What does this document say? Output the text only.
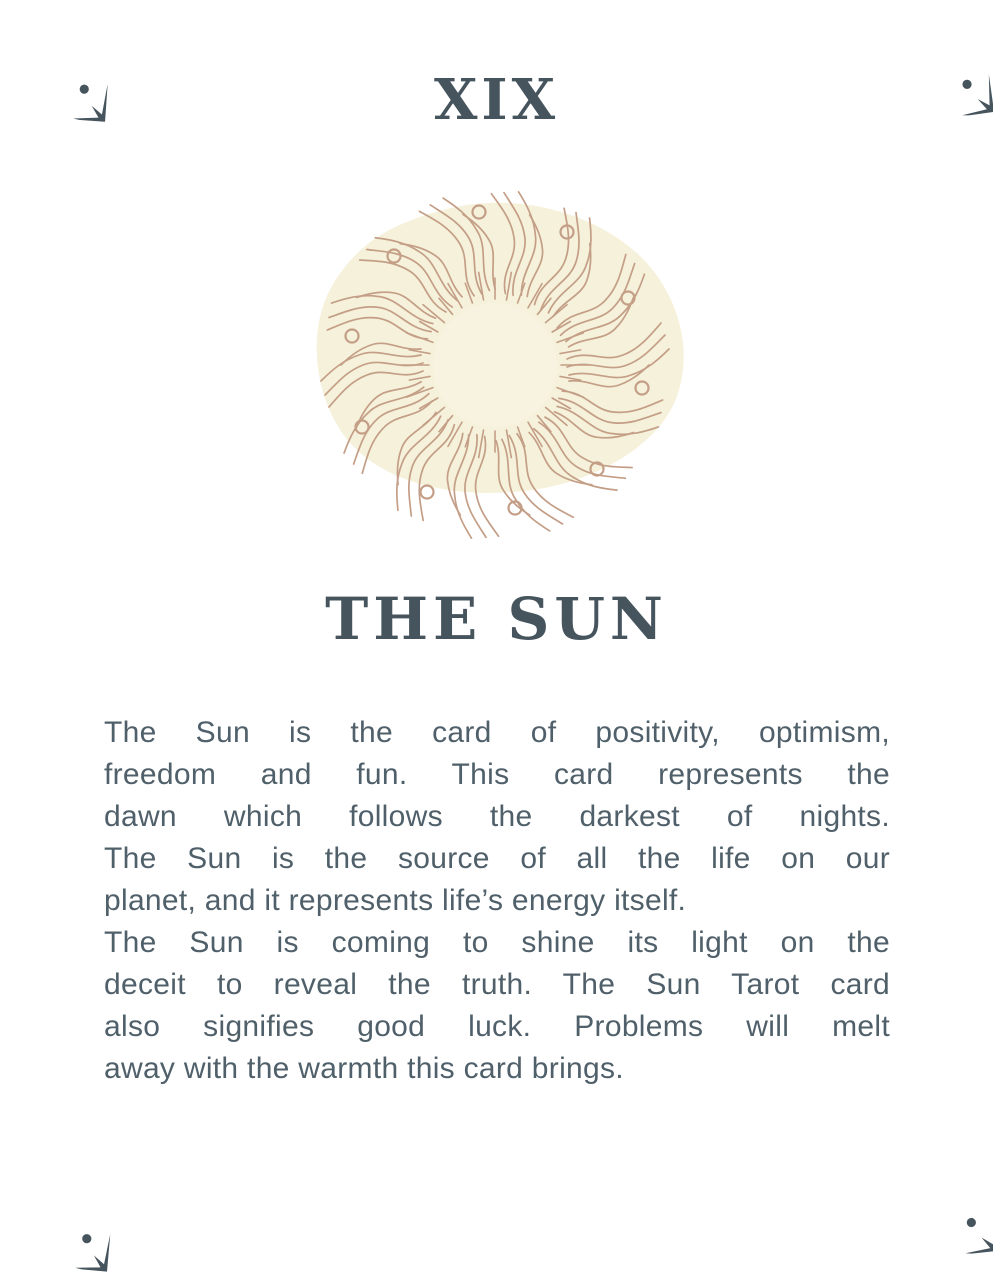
XIX
THE SUN
The Sun is the card of positivity, optimism,
freedom and fun. This card represents the
dawn which follows the darkest of nights.
The Sun is the source of all the life on our
planet, and it represents life’s energy itself.
The Sun is coming to shine its light on the
deceit to reveal the truth. The Sun Tarot card
also signifies good luck. Problems will melt
away with the warmth this card brings.
